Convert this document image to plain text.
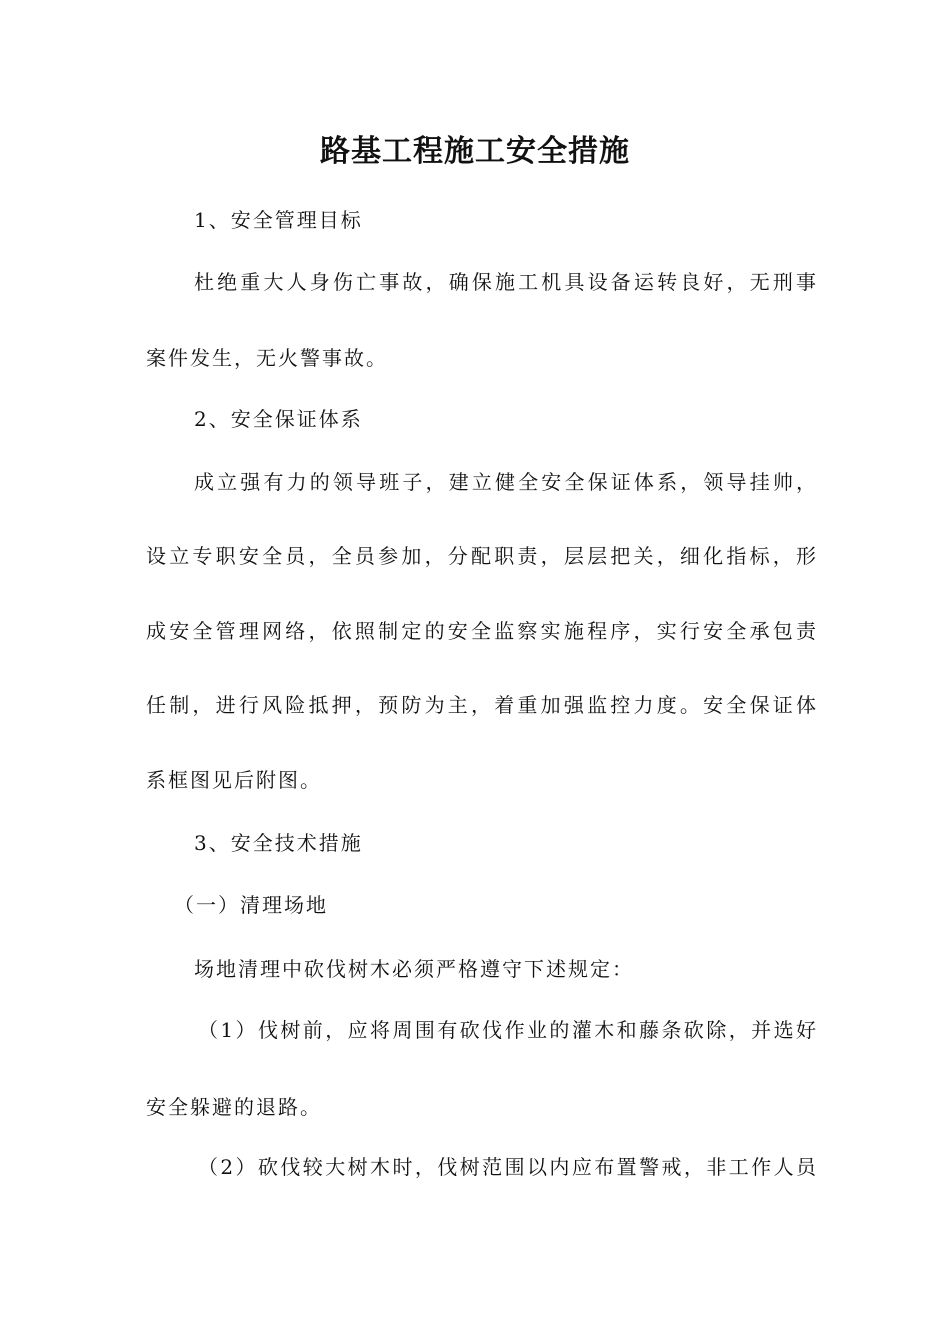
路基工程施工安全措施
1、安全管理目标
杜绝重大人身伤亡事故，确保施工机具设备运转良好，无刑事
案件发生，无火警事故。
2、安全保证体系
成立强有力的领导班子，建立健全安全保证体系，领导挂帅，
设立专职安全员，全员参加，分配职责，层层把关，细化指标，形
成安全管理网络，依照制定的安全监察实施程序，实行安全承包责
任制，进行风险抵押，预防为主，着重加强监控力度。安全保证体
系框图见后附图。
3、安全技术措施
（一）清理场地
场地清理中砍伐树木必须严格遵守下述规定：
（1）伐树前，应将周围有砍伐作业的灌木和藤条砍除，并选好
安全躲避的退路。
（2）砍伐较大树木时，伐树范围以内应布置警戒，非工作人员
